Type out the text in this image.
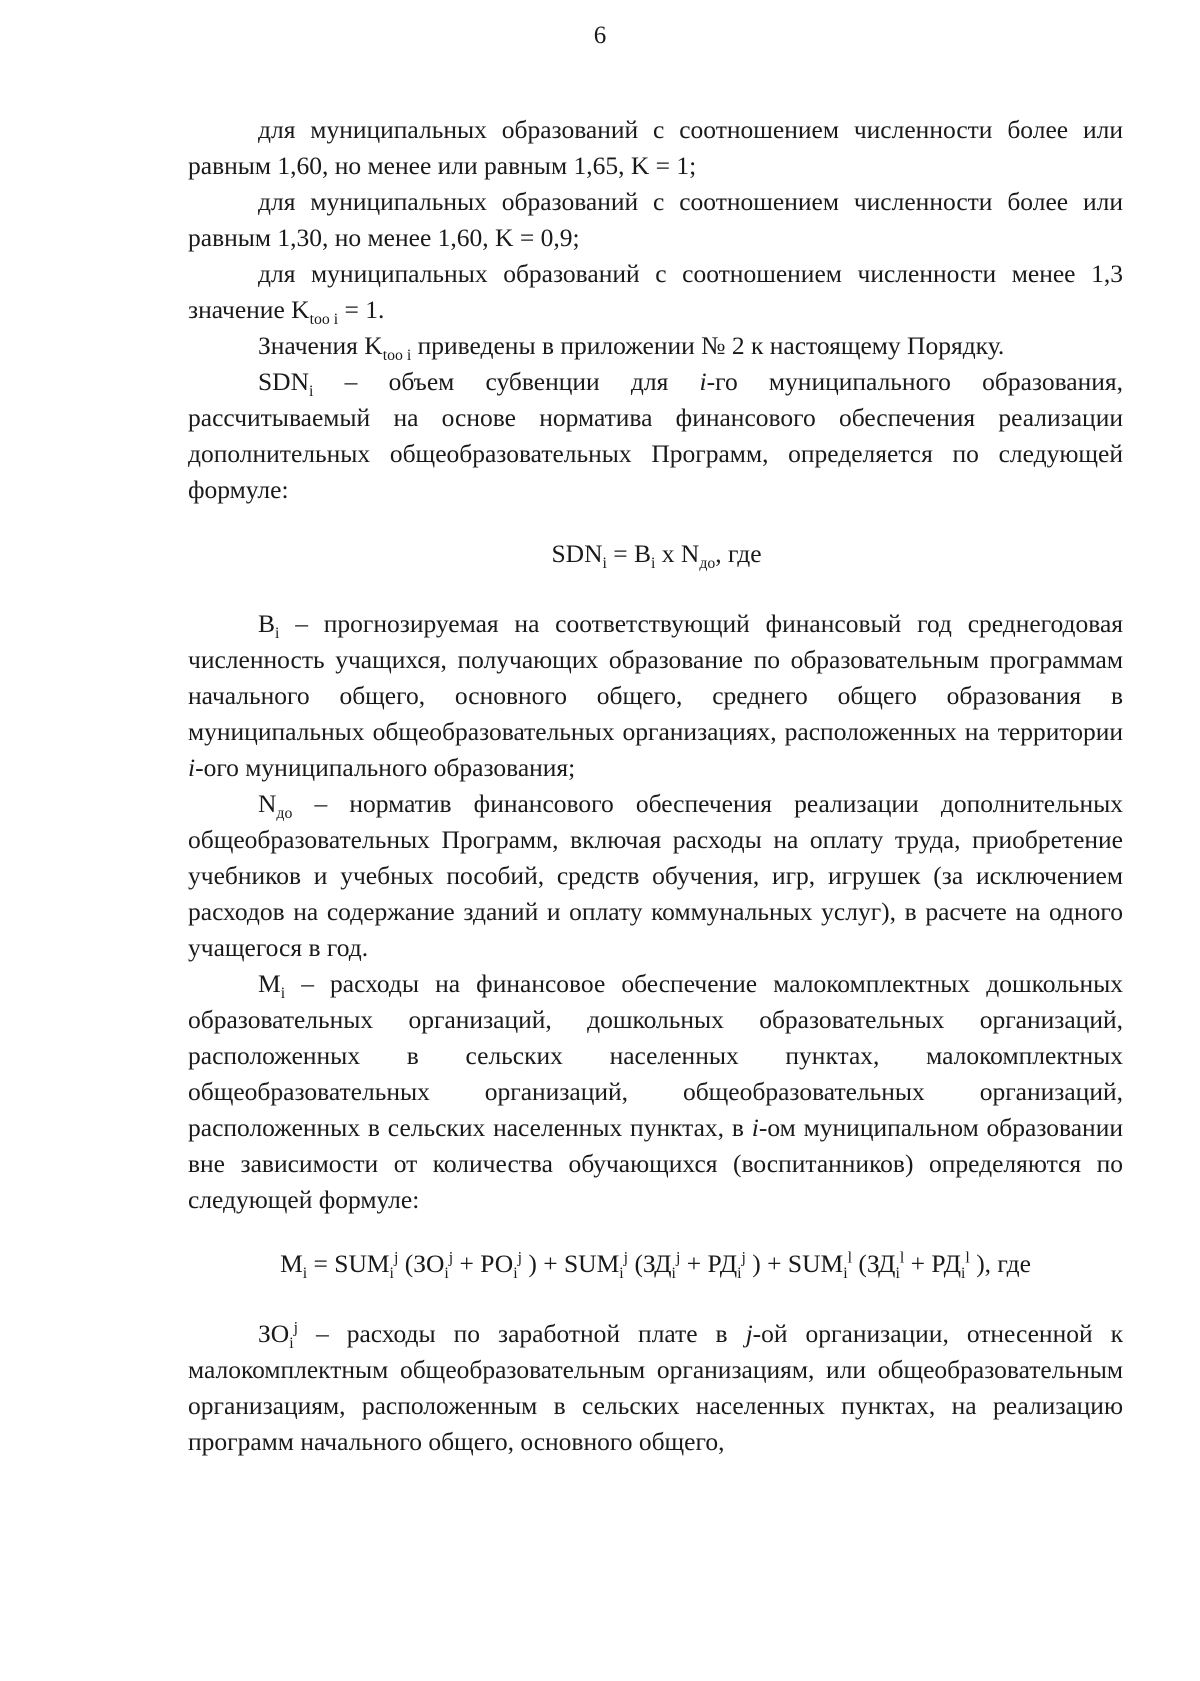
6

для муниципальных образований с соотношением численности более или равным 1,60, но менее или равным 1,65, K = 1;

для муниципальных образований с соотношением численности более или равным 1,30, но менее 1,60, K = 0,9;

для муниципальных образований с соотношением численности менее 1,3 значение $K_{too i} = 1$.

Значения $K_{too i}$ приведены в приложении № 2 к настоящему Порядку.

$SDN_i$ – объем субвенции для i-го муниципального образования, рассчитываемый на основе норматива финансового обеспечения реализации дополнительных общеобразовательных Программ, определяется по следующей формуле:

$SDN_i = B_i$ x $N_{до}$, где

$B_i$ – прогнозируемая на соответствующий финансовый год среднегодовая численность учащихся, получающих образование по образовательным программам начального общего, основного общего, среднего общего образования в муниципальных общеобразовательных организациях, расположенных на территории i-ого муниципального образования;

$N_{до}$ – норматив финансового обеспечения реализации дополнительных общеобразовательных Программ, включая расходы на оплату труда, приобретение учебников и учебных пособий, средств обучения, игр, игрушек (за исключением расходов на содержание зданий и оплату коммунальных услуг), в расчете на одного учащегося в год.

$M_i$ – расходы на финансовое обеспечение малокомплектных дошкольных образовательных организаций, дошкольных образовательных организаций, расположенных в сельских населенных пунктах, малокомплектных общеобразовательных организаций, общеобразовательных организаций, расположенных в сельских населенных пунктах, в i-ом муниципальном образовании вне зависимости от количества обучающихся (воспитанников) определяются по следующей формуле:

$M_i = SUM_i^j$ ($ЗО_i^j + РО_i^j$ ) + $SUM_i^j$ ($ЗД_i^j + РД_i^j$ ) + $SUM_i^l$ ($ЗД_i^l + РД_i^l$ ), где

$ЗО_i^j$ – расходы по заработной плате в j-ой организации, отнесенной к малокомплектным общеобразовательным организациям, или общеобразовательным организациям, расположенным в сельских населенных пунктах, на реализацию программ начального общего, основного общего,
